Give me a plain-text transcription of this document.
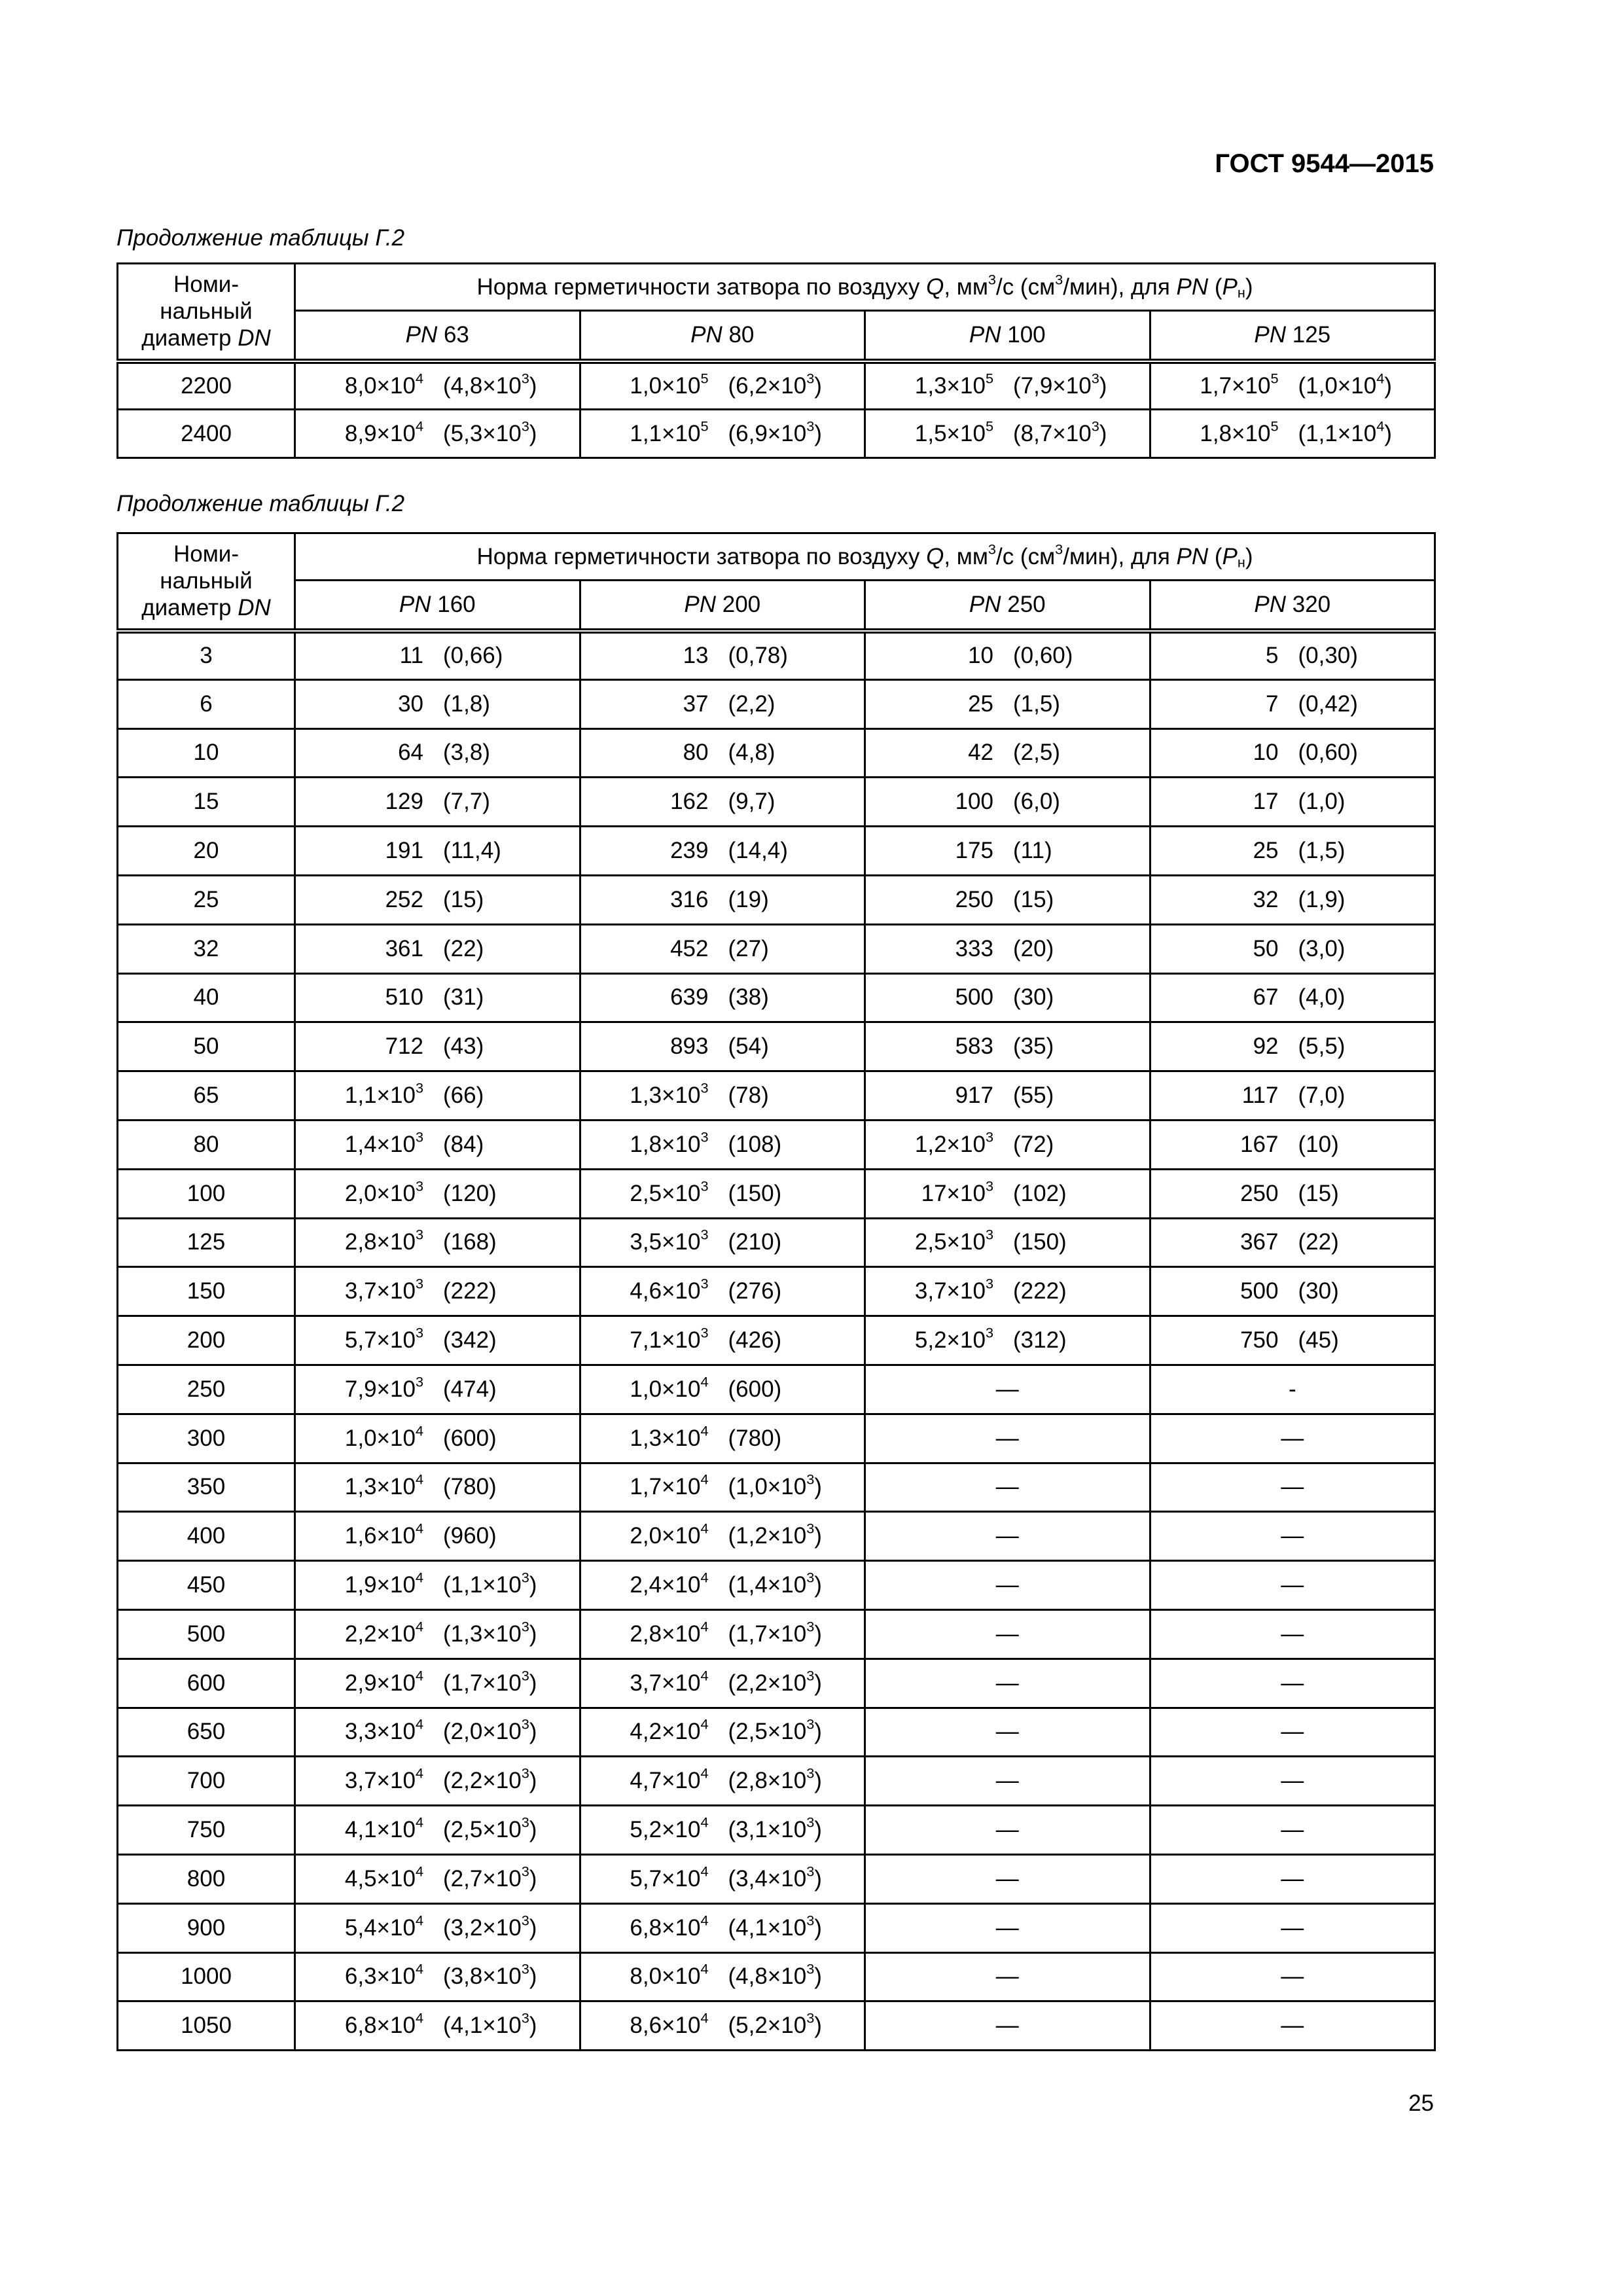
ГОСТ 9544—2015
Продолжение таблицы Г.2
Номи-
нальный
диаметр DN	Норма герметичности затвора по воздуху Q, $мм^3/с$ $(см^3/мин)$, для PN $(P_н)$			
	PN 63	PN 80	PN 100	PN 125
2200	$8,0\times 10^4$ $(4,8\times 10^3)$	$1,0\times 10^5$ $(6,2\times 10^3)$	$1,3\times 10^5$ $(7,9\times 10^3)$	$1,7\times 10^5$ $(1,0\times 10^4)$

2400	$8,9\times 10^4$ $(5,3\times 10^3)$	$1,1\times 10^5$ $(6,9\times 10^3)$	$1,5\times 10^5$ $(8,7\times 10^3)$	$1,8\times 10^5$ $(1,1\times 10^4)$
Продолжение таблицы Г.2
Номи-
нальный
диаметр DN	Норма герметичности затвора по воздуху Q, $мм^3/с$ $(см^3/мин)$, для PN $(P_н)$			
	PN 160	PN 200	PN 250	PN 320
3	11 (0,66)	13 (0,78)	10 (0,60)	5 (0,30)

6	30 (1,8)	37 (2,2)	25 (1,5)	7 (0,42)

10	64 (3,8)	80 (4,8)	42 (2,5)	10 (0,60)

15	129 (7,7)	162 (9,7)	100 (6,0)	17 (1,0)

20	191 (11,4)	239 (14,4)	175 (11)	25 (1,5)

25	252 (15)	316 (19)	250 (15)	32 (1,9)

32	361 (22)	452 (27)	333 (20)	50 (3,0)

40	510 (31)	639 (38)	500 (30)	67 (4,0)

50	712 (43)	893 (54)	583 (35)	92 (5,5)

65	$1,1\times 10^3$ (66)	$1,3\times 10^3$ (78)	917 (55)	117 (7,0)

80	$1,4\times 10^3$ (84)	$1,8\times 10^3$ (108)	$1,2\times 10^3$ (72)	167 (10)

100	$2,0\times 10^3$ (120)	$2,5\times 10^3$ (150)	$17\times 10^3$ (102)	250 (15)

125	$2,8\times 10^3$ (168)	$3,5\times 10^3$ (210)	$2,5\times 10^3$ (150)	367 (22)

150	$3,7\times 10^3$ (222)	$4,6\times 10^3$ (276)	$3,7\times 10^3$ (222)	500 (30)

200	$5,7\times 10^3$ (342)	$7,1\times 10^3$ (426)	$5,2\times 10^3$ (312)	750 (45)

250	$7,9\times 10^3$ (474)	$1,0\times 10^4$ (600)	—	-

300	$1,0\times 10^4$ (600)	$1,3\times 10^4$ (780)	—	—

350	$1,3\times 10^4$ (780)	$1,7\times 10^4$ $(1,0\times 10^3)$	—	—

400	$1,6\times 10^4$ (960)	$2,0\times 10^4$ $(1,2\times 10^3)$	—	—

450	$1,9\times 10^4$ $(1,1\times 10^3)$	$2,4\times 10^4$ $(1,4\times 10^3)$	—	—

500	$2,2\times 10^4$ $(1,3\times 10^3)$	$2,8\times 10^4$ $(1,7\times 10^3)$	—	—

600	$2,9\times 10^4$ $(1,7\times 10^3)$	$3,7\times 10^4$ $(2,2\times 10^3)$	—	—

650	$3,3\times 10^4$ $(2,0\times 10^3)$	$4,2\times 10^4$ $(2,5\times 10^3)$	—	—

700	$3,7\times 10^4$ $(2,2\times 10^3)$	$4,7\times 10^4$ $(2,8\times 10^3)$	—	—

750	$4,1\times 10^4$ $(2,5\times 10^3)$	$5,2\times 10^4$ $(3,1\times 10^3)$	—	—

800	$4,5\times 10^4$ $(2,7\times 10^3)$	$5,7\times 10^4$ $(3,4\times 10^3)$	—	—

900	$5,4\times 10^4$ $(3,2\times 10^3)$	$6,8\times 10^4$ $(4,1\times 10^3)$	—	—

1000	$6,3\times 10^4$ $(3,8\times 10^3)$	$8,0\times 10^4$ $(4,8\times 10^3)$	—	—

1050	$6,8\times 10^4$ $(4,1\times 10^3)$	$8,6\times 10^4$ $(5,2\times 10^3)$	—	—
25
